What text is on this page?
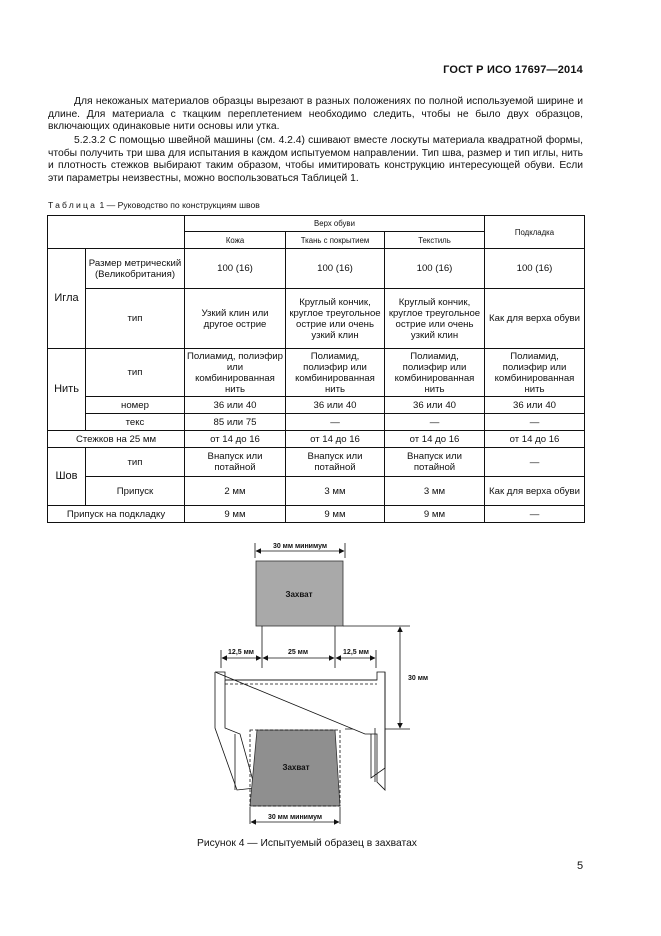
ГОСТ Р ИСО 17697—2014

Для некожаных материалов образцы вырезают в разных положениях по полной используемой ширине и длине. Для материала с ткацким переплетением необходимо следить, чтобы не было двух образцов, включающих одинаковые нити основы или утка.

5.2.3.2 С помощью швейной машины (см. 4.2.4) сшивают вместе лоскуты материала квадратной формы, чтобы получить три шва для испытания в каждом испытуемом направлении. Тип шва, размер и тип иглы, нить и плотность стежков выбирают таким образом, чтобы имитировать конструкцию интересующей обуви. Если эти параметры неизвестны, можно воспользоваться Таблицей 1.

Таблица 1 — Руководство по конструкциям швов
		Верх обуви			Подкладка
		Кожа	Ткань с покрытием	Текстиль	
Игла	Размер метрический (Великобритания)	100 (16)	100 (16)	100 (16)	100 (16)
	тип	Узкий клин или другое острие	Круглый кончик, круглое треугольное острие или очень узкий клин	Круглый кончик, круглое треугольное острие или очень узкий клин	Как для верха обуви
Нить	тип	Полиамид, полиэфир или комбинированная нить	Полиамид, полиэфир или комбинированная нить	Полиамид, полиэфир или комбинированная нить	Полиамид, полиэфир или комбинированная нить
	номер	36 или 40	36 или 40	36 или 40	36 или 40
	текс	85 или 75	—	—	—
Стежков на 25 мм		от 14 до 16	от 14 до 16	от 14 до 16	от 14 до 16
Шов	тип	Внапуск или потайной	Внапуск или потайной	Внапуск или потайной	—
	Припуск	2 мм	3 мм	3 мм	Как для верха обуви
Припуск на подкладку		9 мм	9 мм	9 мм	—
30 мм минимум
Захват
12,5 мм	25 мм	12,5 мм
30 мм
Захват
30 мм минимум
Рисунок 4 — Испытуемый образец в захватах
5
